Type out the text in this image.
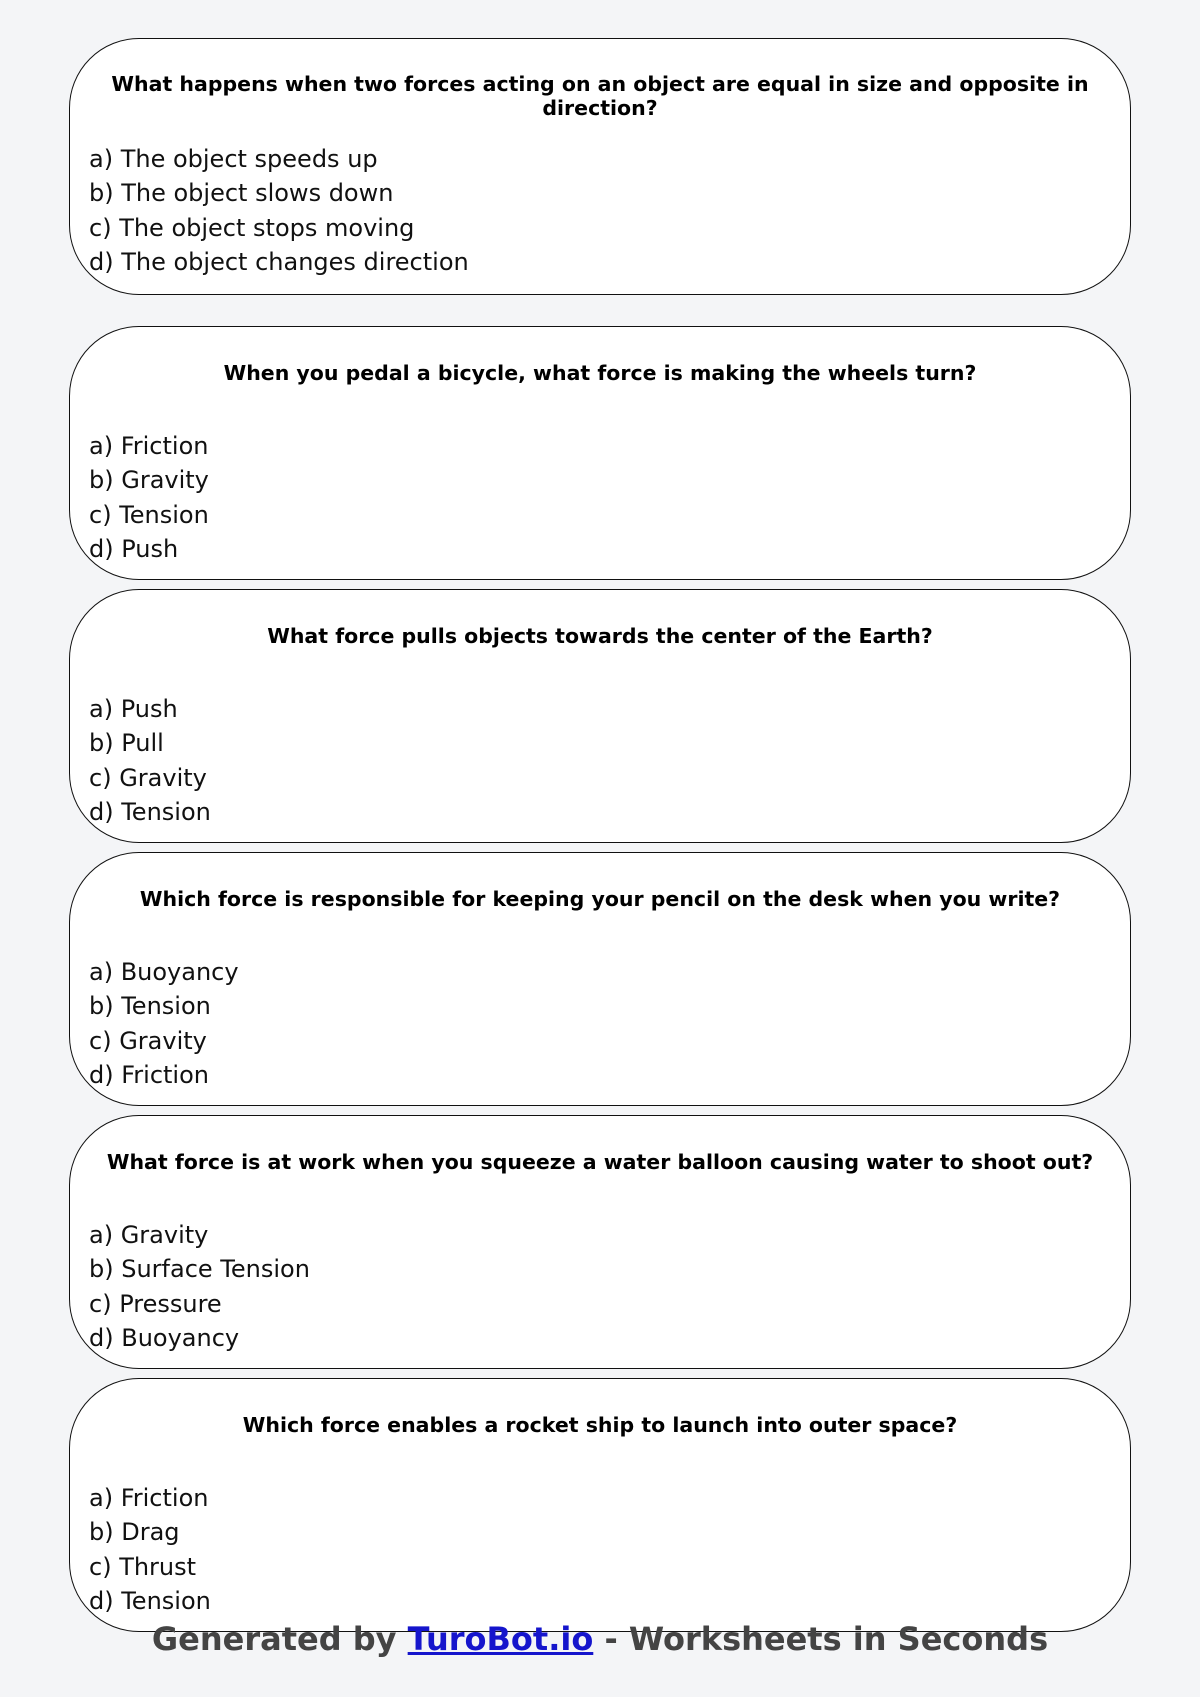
What happens when two forces acting on an object are equal in size and opposite in direction?
a) The object speeds up
b) The object slows down
c) The object stops moving
d) The object changes direction
When you pedal a bicycle, what force is making the wheels turn?
a) Friction
b) Gravity
c) Tension
d) Push
What force pulls objects towards the center of the Earth?
a) Push
b) Pull
c) Gravity
d) Tension
Which force is responsible for keeping your pencil on the desk when you write?
a) Buoyancy
b) Tension
c) Gravity
d) Friction
What force is at work when you squeeze a water balloon causing water to shoot out?
a) Gravity
b) Surface Tension
c) Pressure
d) Buoyancy
Which force enables a rocket ship to launch into outer space?
a) Friction
b) Drag
c) Thrust
d) Tension
Generated by TuroBot.io - Worksheets in Seconds
